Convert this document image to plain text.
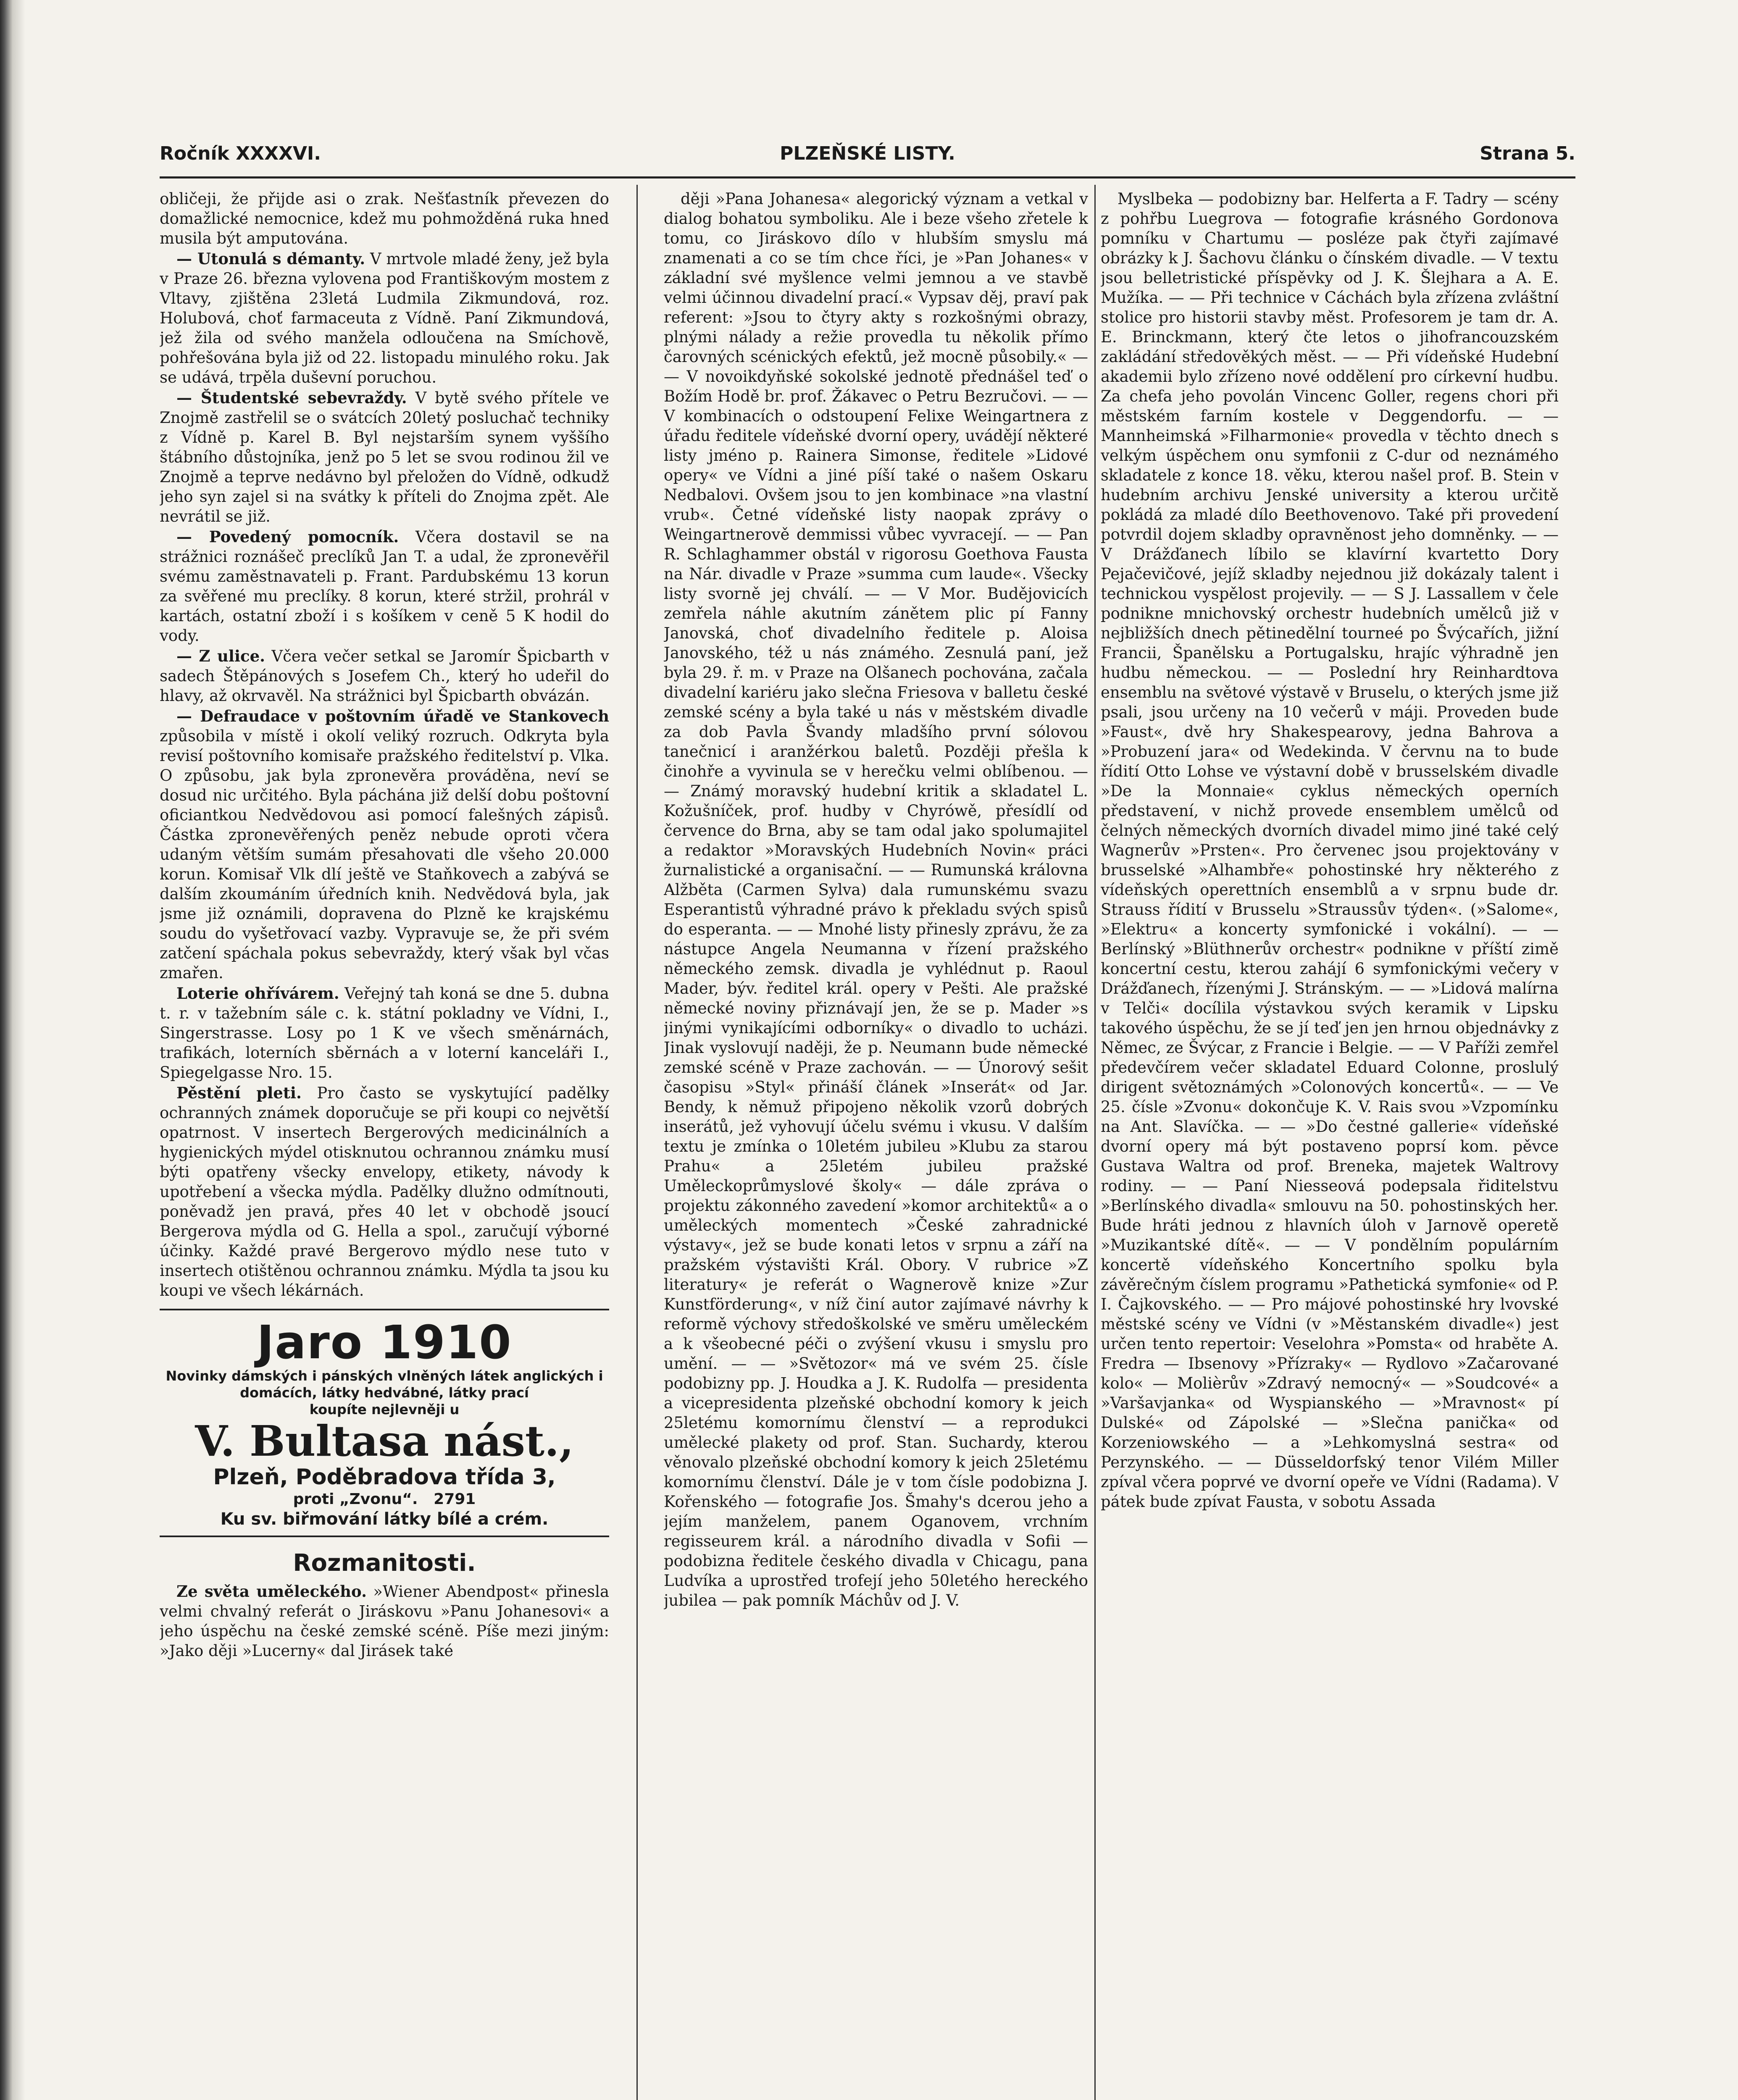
PLZEŇSKÉ LISTY.
Ročník XXXXVI.	Strana 5.

obličeji, že přijde asi o zrak. Nešťastník převezen do domažlické nemocnice, kdež mu pohmožděná ruka hned musila být amputována.

— Utonulá s démanty. V mrtvole mladé ženy, jež byla v Praze 26. března vylovena pod Františkovým mostem z Vltavy, zjištěna 23letá Ludmila Zikmundová, roz. Holubová, choť farmaceuta z Vídně. Paní Zikmundová, jež žila od svého manžela odloučena na Smíchově, pohřešována byla již od 22. listopadu minulého roku. Jak se udává, trpěla duševní poruchou.

— Študentské sebevraždy. V bytě svého přítele ve Znojmě zastřelil se o svátcích 20letý posluchač techniky z Vídně p. Karel B. Byl nejstarším synem vyššího štábního důstojníka, jenž po 5 let se svou rodinou žil ve Znojmě a teprve nedávno byl přeložen do Vídně, odkudž jeho syn zajel si na svátky k příteli do Znojma zpět. Ale nevrátil se již.

— Povedený pomocník. Včera dostavil se na strážnici roznášeč preclíků Jan T. a udal, že zpronevěřil svému zaměstnavateli p. Frant. Pardubskému 13 korun za svěřené mu preclíky. 8 korun, které stržil, prohrál v kartách, ostatní zboží i s košíkem v ceně 5 K hodil do vody.

— Z ulice. Včera večer setkal se Jaromír Špicbarth v sadech Štěpánových s Josefem Ch., který ho udeřil do hlavy, až okrvavěl. Na strážnici byl Špicbarth obvázán.

— Defraudace v poštovním úřadě ve Stankovech způsobila v místě i okolí veliký rozruch. Odkryta byla revisí poštovního komisaře pražského ředitelství p. Vlka. O způsobu, jak byla zpronevěra prováděna, neví se dosud nic určitého. Byla páchána již delší dobu poštovní oficiantkou Nedvědovou asi pomocí falešných zápisů. Částka zpronevěřených peněz nebude oproti včera udaným větším sumám přesahovati dle všeho 20.000 korun. Komisař Vlk dlí ještě ve Staňkovech a zabývá se dalším zkoumáním úředních knih. Nedvědová byla, jak jsme již oznámili, dopravena do Plzně ke krajskému soudu do vyšetřovací vazby. Vypravuje se, že při svém zatčení spáchala pokus sebevraždy, který však byl včas zmařen.

Loterie ohřívárem. Veřejný tah koná se dne 5. dubna t. r. v tažebním sále c. k. státní pokladny ve Vídni, I., Singerstrasse. Losy po 1 K ve všech směnárnách, trafikách, loterních sběrnách a v loterní kanceláři I., Spiegelgasse Nro. 15.

Pěstění pleti. Pro často se vyskytující padělky ochranných známek doporučuje se při koupi co největší opatrnost. V insertech Bergerových medicinálních a hygienických mýdel otisknutou ochrannou známku musí býti opatřeny všecky envelopy, etikety, návody k upotřebení a všecka mýdla. Padělky dlužno odmítnouti, poněvadž jen pravá, přes 40 let v obchodě jsoucí Bergerova mýdla od G. Hella a spol., zaručují výborné účinky. Každé pravé Bergerovo mýdlo nese tuto v insertech otištěnou ochrannou známku. Mýdla ta jsou ku koupi ve všech lékárnách.

Jaro 1910
Novinky dámských i pánských vlněných látek anglických i domácích, látky hedvábné, látky prací
koupíte nejlevněji u
V. Bultasa nást.,
Plzeň, Poděbradova třída 3,
proti „Zvonu“. 2791
Ku sv. biřmování látky bílé a crém.
Rozmanitosti.

Ze světa uměleckého. »Wiener Abendpost« přinesla velmi chvalný referát o Jiráskovu »Panu Johanesovi« a jeho úspěchu na české zemské scéně. Píše mezi jiným: »Jako ději »Lucerny« dal Jirásek také

ději »Pana Johanesa« alegorický význam a vetkal v dialog bohatou symboliku. Ale i beze všeho zřetele k tomu, co Jiráskovo dílo v hlubším smyslu má znamenati a co se tím chce říci, je »Pan Johanes« v základní své myšlence velmi jemnou a ve stavbě velmi účinnou divadelní prací.« Vypsav děj, praví pak referent: »Jsou to čtyry akty s rozkošnými obrazy, plnými nálady a režie provedla tu několik přímo čarovných scénických efektů, jež mocně působily.« — — V novoikdyňské sokolské jednotě přednášel teď o Božím Hodě br. prof. Žákavec o Petru Bezručovi. — — V kombinacích o odstoupení Felixe Weingartnera z úřadu ředitele vídeňské dvorní opery, uvádějí některé listy jméno p. Rainera Simonse, ředitele »Lidové opery« ve Vídni a jiné píší také o našem Oskaru Nedbalovi. Ovšem jsou to jen kombinace »na vlastní vrub«. Četné vídeňské listy naopak zprávy o Weingartnerově demmissi vůbec vyvracejí. — — Pan R. Schlaghammer obstál v rigorosu Goethova Fausta na Nár. divadle v Praze »summa cum laude«. Všecky listy svorně jej chválí. — — V Mor. Budějovicích zemřela náhle akutním zánětem plic pí Fanny Janovská, choť divadelního ředitele p. Aloisa Janovského, též u nás známého. Zesnulá paní, jež byla 29. ř. m. v Praze na Olšanech pochována, začala divadelní kariéru jako slečna Friesova v balletu české zemské scény a byla také u nás v městském divadle za dob Pavla Švandy mladšího první sólovou tanečnicí i aranžérkou baletů. Později přešla k činohře a vyvinula se v herečku velmi oblíbenou. — — Známý moravský hudební kritik a skladatel L. Kožušníček, prof. hudby v Chyrówě, přesídlí od července do Brna, aby se tam odal jako spolumajitel a redaktor »Moravských Hudebních Novin« práci žurnalistické a organisační. — — Rumunská královna Alžběta (Carmen Sylva) dala rumunskému svazu Esperantistů výhradné právo k překladu svých spisů do esperanta. — — Mnohé listy přinesly zprávu, že za nástupce Angela Neumanna v řízení pražského německého zemsk. divadla je vyhlédnut p. Raoul Mader, býv. ředitel král. opery v Pešti. Ale pražské německé noviny přiznávají jen, že se p. Mader »s jinými vynikajícími odborníky« o divadlo to ucházi. Jinak vyslovují naději, že p. Neumann bude německé zemské scéně v Praze zachován. — — Únorový sešit časopisu »Styl« přináší článek »Inserát« od Jar. Bendy, k němuž připojeno několik vzorů dobrých inserátů, jež vyhovují účelu svému i vkusu. V dalším textu je zmínka o 10letém jubileu »Klubu za starou Prahu« a 25letém jubileu pražské Uměleckoprůmyslové školy« — dále zpráva o projektu zákonného zavedení »komor architektů« a o uměleckých momentech »České zahradnické výstavy«, jež se bude konati letos v srpnu a září na pražském výstavišti Král. Obory. V rubrice »Z literatury« je referát o Wagnerově knize »Zur Kunstförderung«, v níž činí autor zajímavé návrhy k reformě výchovy středoškolské ve směru uměleckém a k všeobecné péči o zvýšení vkusu i smyslu pro umění. — — »Světozor« má ve svém 25. čísle podobizny pp. J. Houdka a J. K. Rudolfa — presidenta a vicepresidenta plzeňské obchodní komory k jeich 25letému komornímu členství — a reprodukci umělecké plakety od prof. Stan. Suchardy, kterou věnovalo plzeňské obchodní komory k jeich 25letému komornímu členství. Dále je v tom čísle podobizna J. Kořenského — fotografie Jos. Šmahy's dcerou jeho a jejím manželem, panem Oganovem, vrchním regisseurem král. a národního divadla v Sofii — podobizna ředitele českého divadla v Chicagu, pana Ludvíka a uprostřed trofejí jeho 50letého hereckého jubilea — pak pomník Máchův od J. V.

Myslbeka — podobizny bar. Helferta a F. Tadry — scény z pohřbu Luegrova — fotografie krásného Gordonova pomníku v Chartumu — posléze pak čtyři zajímavé obrázky k J. Šachovu článku o čínském divadle. — V textu jsou belletristické příspěvky od J. K. Šlejhara a A. E. Mužíka. — — Při technice v Cáchách byla zřízena zvláštní stolice pro historii stavby měst. Profesorem je tam dr. A. E. Brinckmann, který čte letos o jihofrancouzském zakládání středověkých měst. — — Při vídeňské Hudební akademii bylo zřízeno nové oddělení pro církevní hudbu. Za chefa jeho povolán Vincenc Goller, regens chori při městském farním kostele v Deggendorfu. — — Mannheimská »Filharmonie« provedla v těchto dnech s velkým úspěchem onu symfonii z C-dur od neznámého skladatele z konce 18. věku, kterou našel prof. B. Stein v hudebním archivu Jenské university a kterou určitě pokládá za mladé dílo Beethovenovo. Také při provedení potvrdil dojem skladby opravněnost jeho domněnky. — — V Drážďanech líbilo se klavírní kvartetto Dory Pejačevičové, jejíž skladby nejednou již dokázaly talent i technickou vyspělost projevily. — — S J. Lassallem v čele podnikne mnichovský orchestr hudebních umělců již v nejbližších dnech pětinedělní tourneé po Švýcařích, jižní Francii, Španělsku a Portugalsku, hrajíc výhradně jen hudbu německou. — — Poslední hry Reinhardtova ensemblu na světové výstavě v Bruselu, o kterých jsme již psali, jsou určeny na 10 večerů v máji. Proveden bude »Faust«, dvě hry Shakespearovy, jedna Bahrova a »Probuzení jara« od Wedekinda. V červnu na to bude řídití Otto Lohse ve výstavní době v brusselském divadle »De la Monnaie« cyklus německých operních představení, v nichž provede ensemblem umělců od čelných německých dvorních divadel mimo jiné také celý Wagnerův »Prsten«. Pro červenec jsou projektovány v brusselské »Alhambře« pohostinské hry některého z vídeňských operettních ensemblů a v srpnu bude dr. Strauss řídití v Brusselu »Straussův týden«. (»Salome«, »Elektru« a koncerty symfonické i vokální). — — Berlínský »Blüthnerův orchestr« podnikne v příští zimě koncertní cestu, kterou zahájí 6 symfonickými večery v Drážďanech, řízenými J. Stránským. — — »Lidová malírna v Telči« docílila výstavkou svých keramik v Lipsku takového úspěchu, že se jí teď jen jen hrnou objednávky z Němec, ze Švýcar, z Francie i Belgie. — — V Paříži zemřel předevčírem večer skladatel Eduard Colonne, proslulý dirigent světoznámých »Colonových koncertů«. — — Ve 25. čísle »Zvonu« dokončuje K. V. Rais svou »Vzpomínku na Ant. Slavíčka. — — »Do čestné gallerie« vídeňské dvorní opery má být postaveno poprsí kom. pěvce Gustava Waltra od prof. Breneka, majetek Waltrovy rodiny. — — Paní Niesseová podepsala řiditelstvu »Berlínského divadla« smlouvu na 50. pohostinských her. Bude hráti jednou z hlavních úloh v Jarnově operetě »Muzikantské dítě«. — — V pondělním populárním koncertě vídeňského Koncertního spolku byla závěrečným číslem programu »Pathetická symfonie« od P. I. Čajkovského. — — Pro májové pohostinské hry lvovské městské scény ve Vídni (v »Městanském divadle«) jest určen tento repertoir: Veselohra »Pomsta« od hraběte A. Fredra — Ibsenovy »Přízraky« — Rydlovo »Začarované kolo« — Molièrův »Zdravý nemocný« — »Soudcové« a »Varšavjanka« od Wyspianského — »Mravnost« pí Dulské« od Zápolské — »Slečna panička« od Korzeniowského — a »Lehkomyslná sestra« od Perzynského. — — Düsseldorfský tenor Vilém Miller zpíval včera poprvé ve dvorní opeře ve Vídni (Radama). V pátek bude zpívat Fausta, v sobotu Assada
